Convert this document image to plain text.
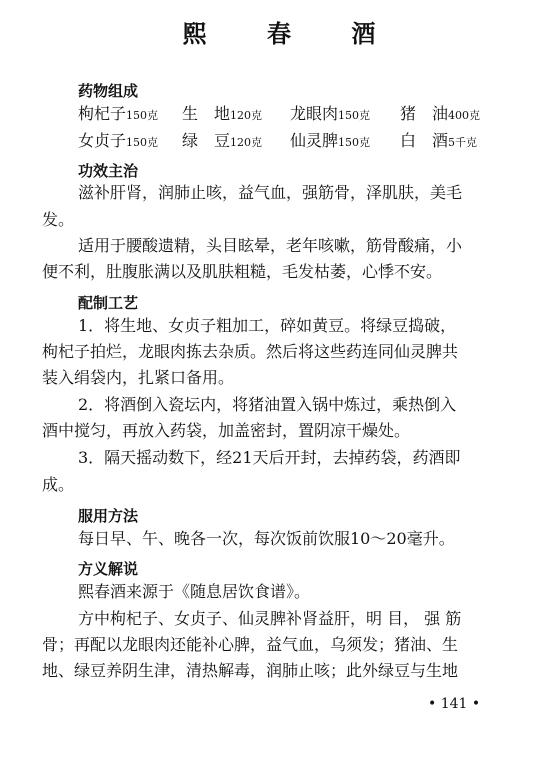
熙 春 酒
药物组成
枸杞子150克 生　地120克 龙眼肉150克 猪　油400克
女贞子150克 绿　豆120克 仙灵脾150克 白　酒5千克
功效主治
滋补肝肾，润肺止咳，益气血，强筋骨，泽肌肤，美毛
发。
适用于腰酸遗精，头目眩晕，老年咳嗽，筋骨酸痛，小
便不利，肚腹胀满以及肌肤粗糙，毛发枯萎，心悸不安。
配制工艺
1．将生地、女贞子粗加工，碎如黄豆。将绿豆捣破，
枸杞子拍烂，龙眼肉拣去杂质。然后将这些药连同仙灵脾共
装入绢袋内，扎紧口备用。
2．将酒倒入瓷坛内，将猪油置入锅中炼过，乘热倒入
酒中搅匀，再放入药袋，加盖密封，置阴凉干燥处。
3．隔天摇动数下，经21天后开封，去掉药袋，药酒即
成。
服用方法
每日早、午、晚各一次，每次饭前饮服10～20毫升。
方义解说
熙春酒来源于《随息居饮食谱》。
方中枸杞子、女贞子、仙灵脾补肾益肝，明 目， 强 筋
骨；再配以龙眼肉还能补心脾，益气血，乌须发；猪油、生
地、绿豆养阴生津，清热解毒，润肺止咳；此外绿豆与生地
• 141 •
